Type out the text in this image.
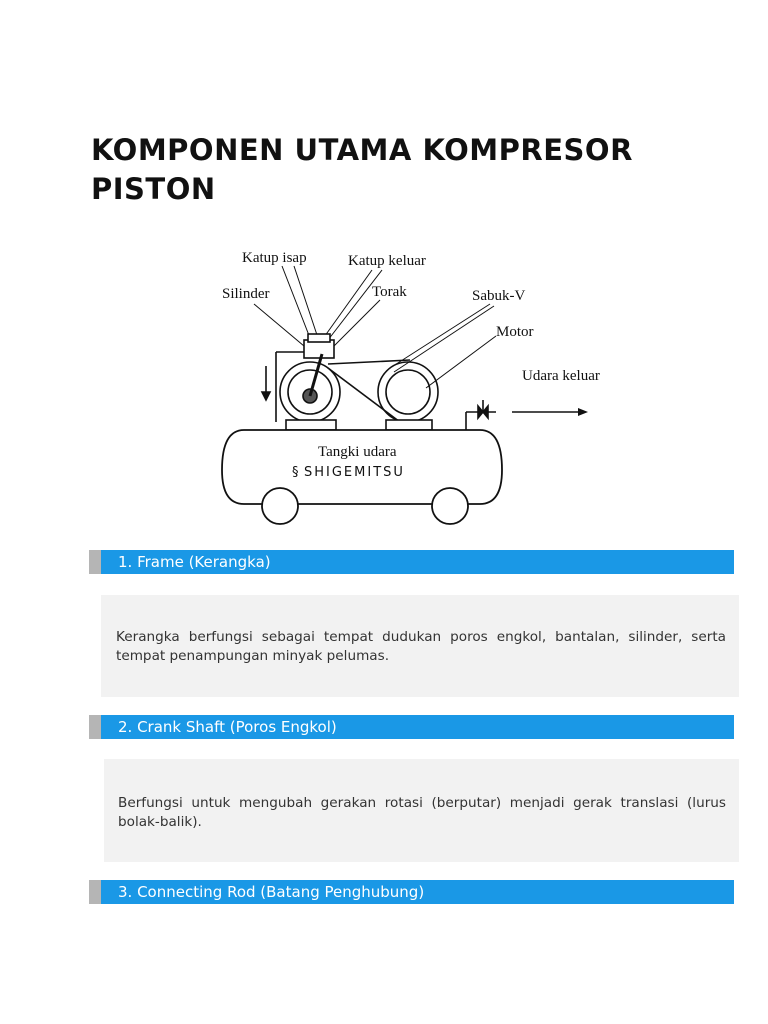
KOMPONEN UTAMA KOMPRESOR PISTON
Katup isap	Katup keluar
Silinder	Torak	Sabuk-V
Motor
Udara keluar
Tangki udara
§ SHIGEMITSU
1. Frame (Kerangka)

Kerangka berfungsi sebagai tempat dudukan poros engkol, bantalan, silinder, serta tempat penampungan minyak pelumas.

2. Crank Shaft (Poros Engkol)

Berfungsi untuk mengubah gerakan rotasi (berputar) menjadi gerak translasi (lurus bolak-balik).

3. Connecting Rod (Batang Penghubung)
